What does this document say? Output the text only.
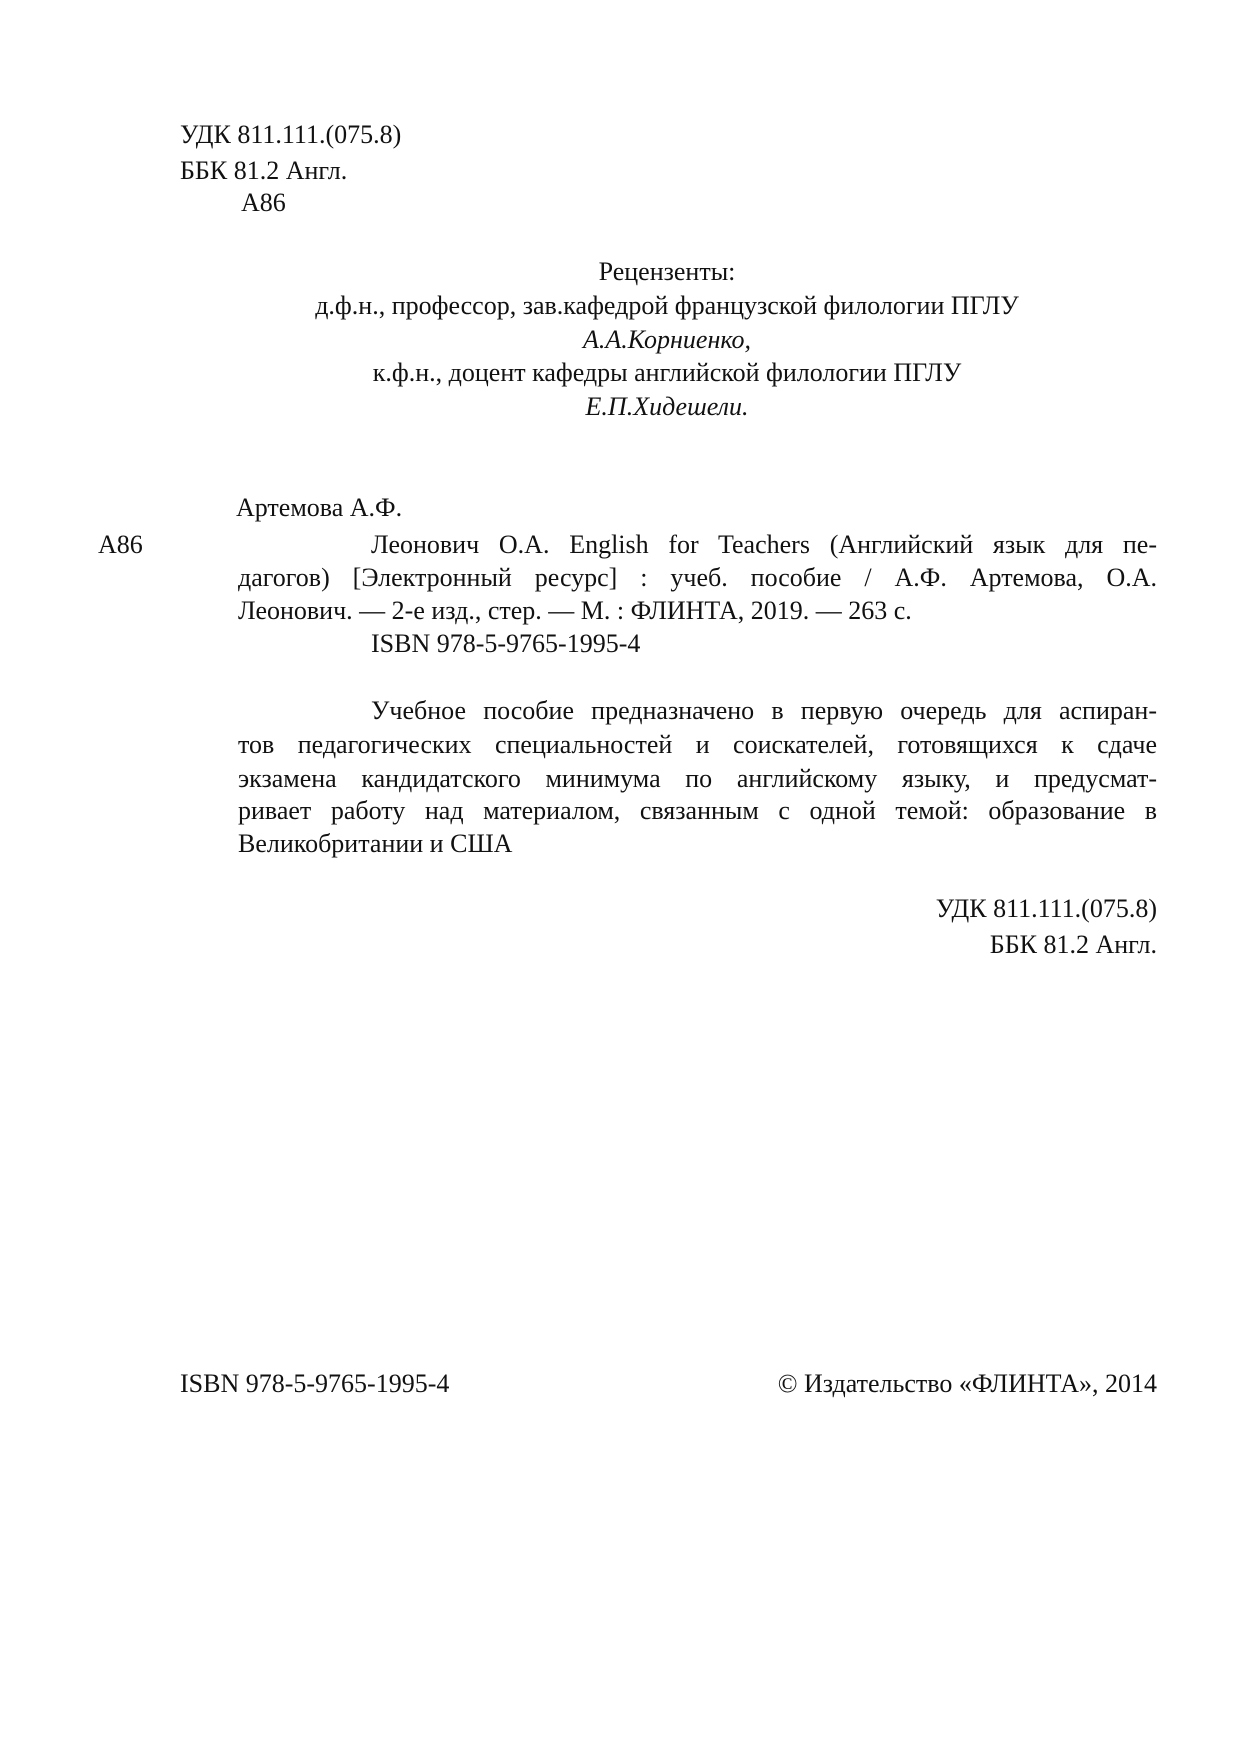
УДК 811.111.(075.8)
ББК 81.2 Англ.
А86
Рецензенты:
д.ф.н., профессор, зав.кафедрой французской филологии ПГЛУ
А.А.Корниенко,
к.ф.н., доцент кафедры английской филологии ПГЛУ
Е.П.Хидешели.
Артемова А.Ф.
А86	Леонович О.А. English for Teachers (Английский язык для пе-
дагогов) [Электронный ресурс] : учеб. пособие / А.Ф. Артемова, О.А.
Леонович. — 2-е изд., стер. — М. : ФЛИНТА, 2019. — 263 с.
ISBN 978-5-9765-1995-4
Учебное пособие предназначено в первую очередь для аспиран-
тов педагогических специальностей и соискателей, готовящихся к сдаче
экзамена кандидатского минимума по английскому языку, и предусмат-
ривает работу над материалом, связанным с одной темой: образование в
Великобритании и США
УДК 811.111.(075.8)
ББК 81.2 Англ.
ISBN 978-5-9765-1995-4	© Издательство «ФЛИНТА», 2014
